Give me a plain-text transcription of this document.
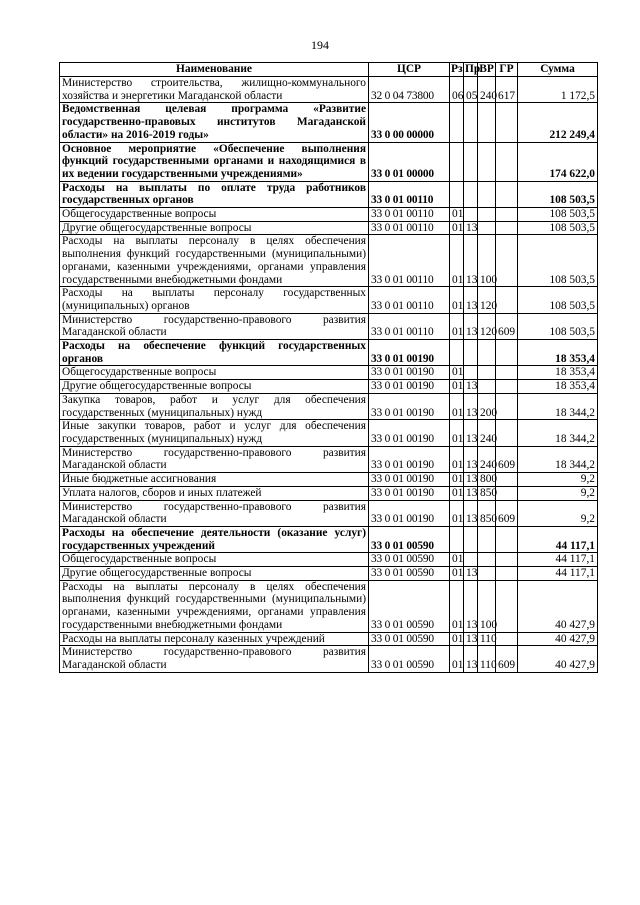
194
Наименование	ЦСР	Рз	Пр	ВР	ГР	Сумма
Министерство строительства, жилищно-коммунального хозяйства и энергетики Магаданской области	32 0 04 73800	06	05	240	617	1 172,5
Ведомственная целевая программа «Развитие государственно-правовых институтов Магаданской области» на 2016-2019 годы»	33 0 00 00000					212 249,4
Основное мероприятие «Обеспечение выполнения функций государственными органами и находящимися в их ведении государственными учреждениями»	33 0 01 00000					174 622,0
Расходы на выплаты по оплате труда работников государственных органов	33 0 01 00110					108 503,5
Общегосударственные вопросы	33 0 01 00110	01				108 503,5
Другие общегосударственные вопросы	33 0 01 00110	01	13			108 503,5
Расходы на выплаты персоналу в целях обеспечения выполнения функций государственными (муниципальными) органами, казенными учреждениями, органами управления государственными внебюджетными фондами	33 0 01 00110	01	13	100		108 503,5
Расходы на выплаты персоналу государственных (муниципальных) органов	33 0 01 00110	01	13	120		108 503,5
Министерство государственно-правового развития Магаданской области	33 0 01 00110	01	13	120	609	108 503,5
Расходы на обеспечение функций государственных органов	33 0 01 00190					18 353,4
Общегосударственные вопросы	33 0 01 00190	01				18 353,4
Другие общегосударственные вопросы	33 0 01 00190	01	13			18 353,4
Закупка товаров, работ и услуг для обеспечения государственных (муниципальных) нужд	33 0 01 00190	01	13	200		18 344,2
Иные закупки товаров, работ и услуг для обеспечения государственных (муниципальных) нужд	33 0 01 00190	01	13	240		18 344,2
Министерство государственно-правового развития Магаданской области	33 0 01 00190	01	13	240	609	18 344,2
Иные бюджетные ассигнования	33 0 01 00190	01	13	800		9,2
Уплата налогов, сборов и иных платежей	33 0 01 00190	01	13	850		9,2
Министерство государственно-правового развития Магаданской области	33 0 01 00190	01	13	850	609	9,2
Расходы на обеспечение деятельности (оказание услуг) государственных учреждений	33 0 01 00590					44 117,1
Общегосударственные вопросы	33 0 01 00590	01				44 117,1
Другие общегосударственные вопросы	33 0 01 00590	01	13			44 117,1
Расходы на выплаты персоналу в целях обеспечения выполнения функций государственными (муниципальными) органами, казенными учреждениями, органами управления государственными внебюджетными фондами	33 0 01 00590	01	13	100		40 427,9
Расходы на выплаты персоналу казенных учреждений	33 0 01 00590	01	13	110		40 427,9
Министерство государственно-правового развития Магаданской области	33 0 01 00590	01	13	110	609	40 427,9
